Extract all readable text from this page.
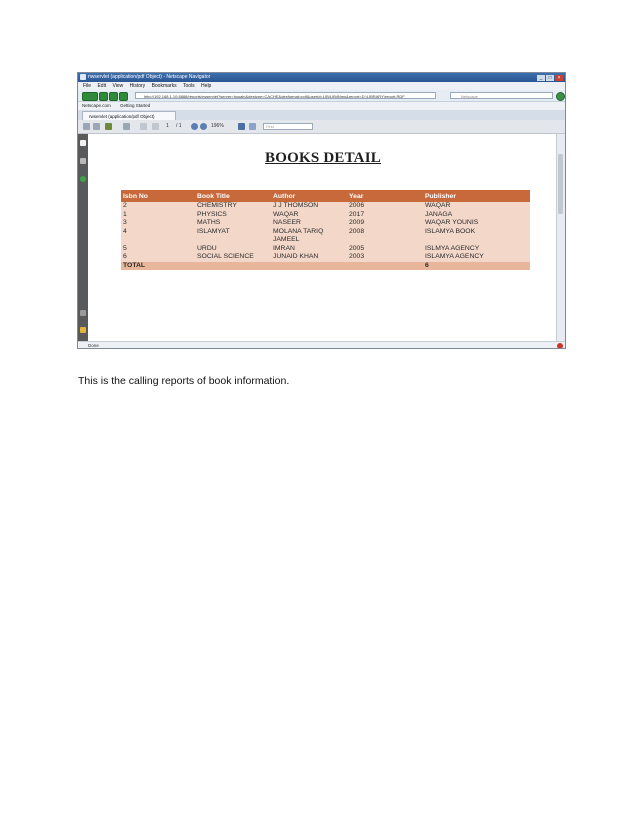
nwservlet (application/pdf Object) - Netscape Navigator	_ □ ×
File Edit View History Bookmarks Tools Help
http://192.168.1.10:8888/reports/rwservlet?server=husain&destype=CACHE&desformat=pdf&userid=LIB/LIB@lms&report=D:\LIBRARY\report.RDF	Netscape
Netscape.com Getting Started
rwservlet (application/pdf Object)
1 / 1	196%	Find
BOOKS DETAIL
Isbn No	Book Title	Author	Year	Publisher
2	CHEMISTRY	J J THOMSON	2006	WAQAR
1	PHYSICS	WAQAR	2017	JANAGA
3	MATHS	NASEER	2009	WAQAR YOUNIS
4	ISLAMYAT	MOLANA TARIQ JAMEEL	2008	ISLAMYA BOOK
5	URDU	IMRAN	2005	ISLMYA AGENCY
6	SOCIAL SCIENCE	JUNAID KHAN	2003	ISLAMYA AGENCY
TOTAL				6
Done
This is the calling reports of book information.
